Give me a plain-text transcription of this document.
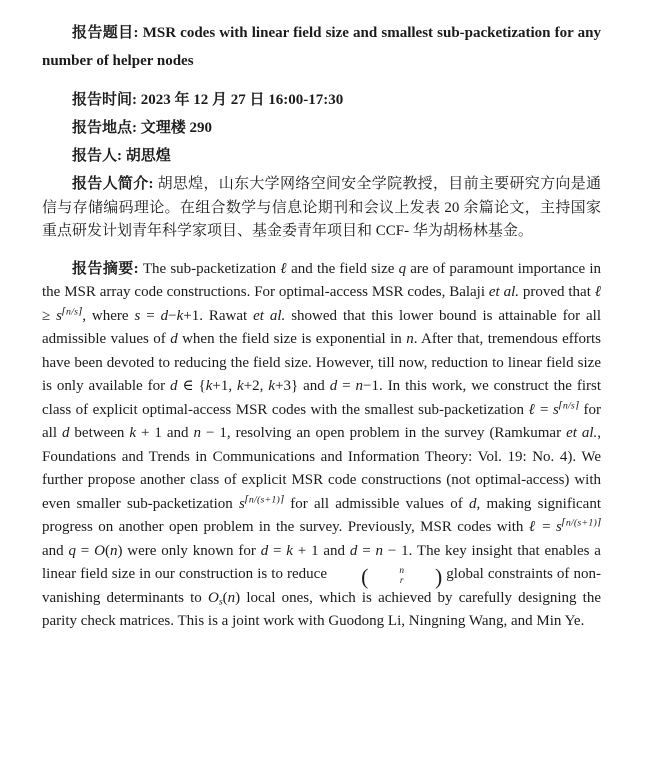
报告题目: MSR codes with linear field size and smallest sub-packetization for any number of helper nodes

报告时间: 2023 年 12 月 27 日 16:00-17:30

报告地点: 文理楼 290

报告人: 胡思煌

报告人简介: 胡思煌，山东大学网络空间安全学院教授，目前主要研究方向是通信与存储编码理论。在组合数学与信息论期刊和会议上发表 20 余篇论文，主持国家重点研发计划青年科学家项目、基金委青年项目和 CCF- 华为胡杨林基金。

报告摘要: The sub-packetization ℓ and the field size q are of paramount importance in the MSR array code constructions. For optimal-access MSR codes, Balaji et al. proved that ℓ ≥ $s^{⌈n/s⌉}$, where s = d−k+1. Rawat et al. showed that this lower bound is attainable for all admissible values of d when the field size is exponential in n. After that, tremendous efforts have been devoted to reducing the field size. However, till now, reduction to linear field size is only available for d ∈ {k+1, k+2, k+3} and d = n−1. In this work, we construct the first class of explicit optimal-access MSR codes with the smallest sub-packetization ℓ = $s^{⌈n/s⌉}$ for all d between k + 1 and n − 1, resolving an open problem in the survey (Ramkumar et al., Foundations and Trends in Communications and Information Theory: Vol. 19: No. 4). We further propose another class of explicit MSR code constructions (not optimal-access) with even smaller sub-packetization $s^{⌈n/(s+1)⌉}$ for all admissible values of d, making significant progress on another open problem in the survey. Previously, MSR codes with ℓ = $s^{⌈n/(s+1)⌉}$ and q = O(n) were only known for d = k + 1 and d = n − 1. The key insight that enables a linear field size in our construction is to reduce	(	n
r	) global constraints of non-vanishing determinants to $O_s(n)$ local ones, which is achieved by carefully designing the parity check matrices. This is a joint work with Guodong Li, Ningning Wang, and Min Ye.
